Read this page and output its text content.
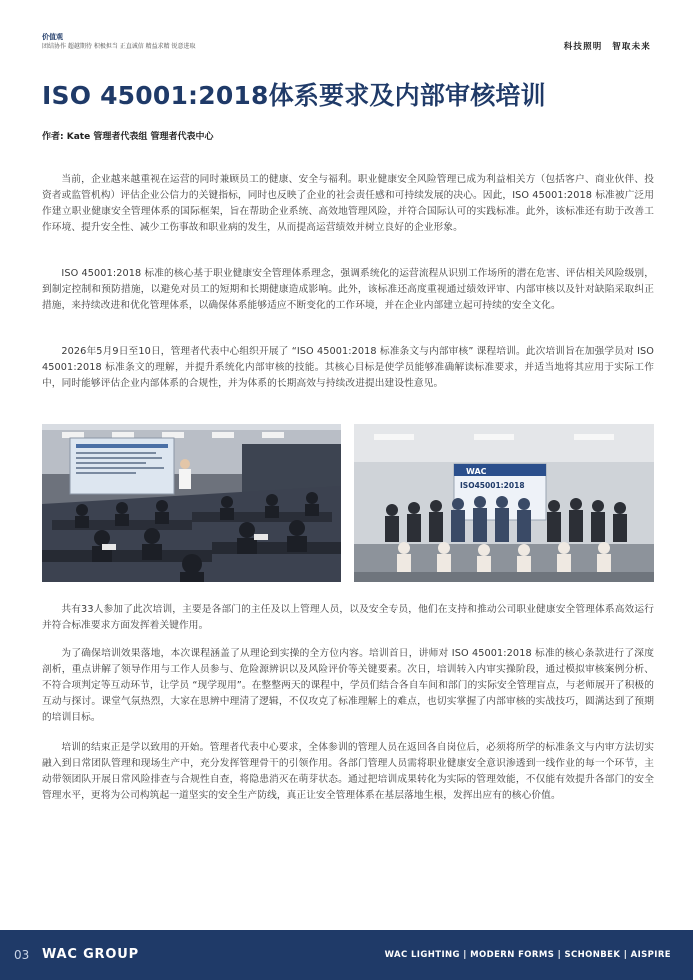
价值观
团结协作 超越期待 积极担当 正直诚信 精益求精 锐意进取	科技照明　智取未来
ISO 45001:2018体系要求及内部审核培训
作者: Kate 管理者代表组 管理者代表中心

当前，企业越来越重视在运营的同时兼顾员工的健康、安全与福利。职业健康安全风险管理已成为利益相关方（包括客户、商业伙伴、投资者或监管机构）评估企业公信力的关键指标，同时也反映了企业的社会责任感和可持续发展的决心。因此，ISO 45001:2018 标准被广泛用作建立职业健康安全管理体系的国际框架，旨在帮助企业系统、高效地管理风险，并符合国际认可的实践标准。此外，该标准还有助于改善工作环境、提升安全性、减少工伤事故和职业病的发生，从而提高运营绩效并树立良好的企业形象。

ISO 45001:2018 标准的核心基于职业健康安全管理体系理念，强调系统化的运营流程从识别工作场所的潜在危害、评估相关风险级别，到制定控制和预防措施，以避免对员工的短期和长期健康造成影响。此外，该标准还高度重视通过绩效评审、内部审核以及针对缺陷采取纠正措施，来持续改进和优化管理体系，以确保体系能够适应不断变化的工作环境，并在企业内部建立起可持续的安全文化。

2026年5月9日至10日，管理者代表中心组织开展了 “ISO 45001:2018 标准条文与内部审核” 课程培训。此次培训旨在加强学员对 ISO 45001:2018 标准条文的理解，并提升系统化内部审核的技能。其核心目标是使学员能够准确解读标准要求，并适当地将其应用于实际工作中，同时能够评估企业内部体系的合规性，并为体系的长期高效与持续改进提出建设性意见。

WAC
ISO45001:2018

共有33人参加了此次培训，主要是各部门的主任及以上管理人员，以及安全专员，他们在支持和推动公司职业健康安全管理体系高效运行并符合标准要求方面发挥着关键作用。

为了确保培训效果落地，本次课程涵盖了从理论到实操的全方位内容。培训首日，讲师对 ISO 45001:2018 标准的核心条款进行了深度剖析，重点讲解了领导作用与工作人员参与、危险源辨识以及风险评价等关键要素。次日，培训转入内审实操阶段，通过模拟审核案例分析、不符合项判定等互动环节，让学员 “现学现用”。在整整两天的课程中，学员们结合各自车间和部门的实际安全管理盲点，与老师展开了积极的互动与探讨。课堂气氛热烈，大家在思辨中理清了逻辑，不仅攻克了标准理解上的难点，也切实掌握了内部审核的实战技巧，圆满达到了预期的培训目标。

培训的结束正是学以致用的开始。管理者代表中心要求，全体参训的管理人员在返回各自岗位后，必须将所学的标准条文与内审方法切实融入到日常团队管理和现场生产中，充分发挥管理骨干的引领作用。各部门管理人员需将职业健康安全意识渗透到一线作业的每一个环节，主动带领团队开展日常风险排查与合规性自查，将隐患消灭在萌芽状态。通过把培训成果转化为实际的管理效能，不仅能有效提升各部门的安全管理水平，更将为公司构筑起一道坚实的安全生产防线，真正让安全管理体系在基层落地生根，发挥出应有的核心价值。

03 WAC GROUP	WAC LIGHTING | MODERN FORMS | SCHONBEK | AISPIRE
